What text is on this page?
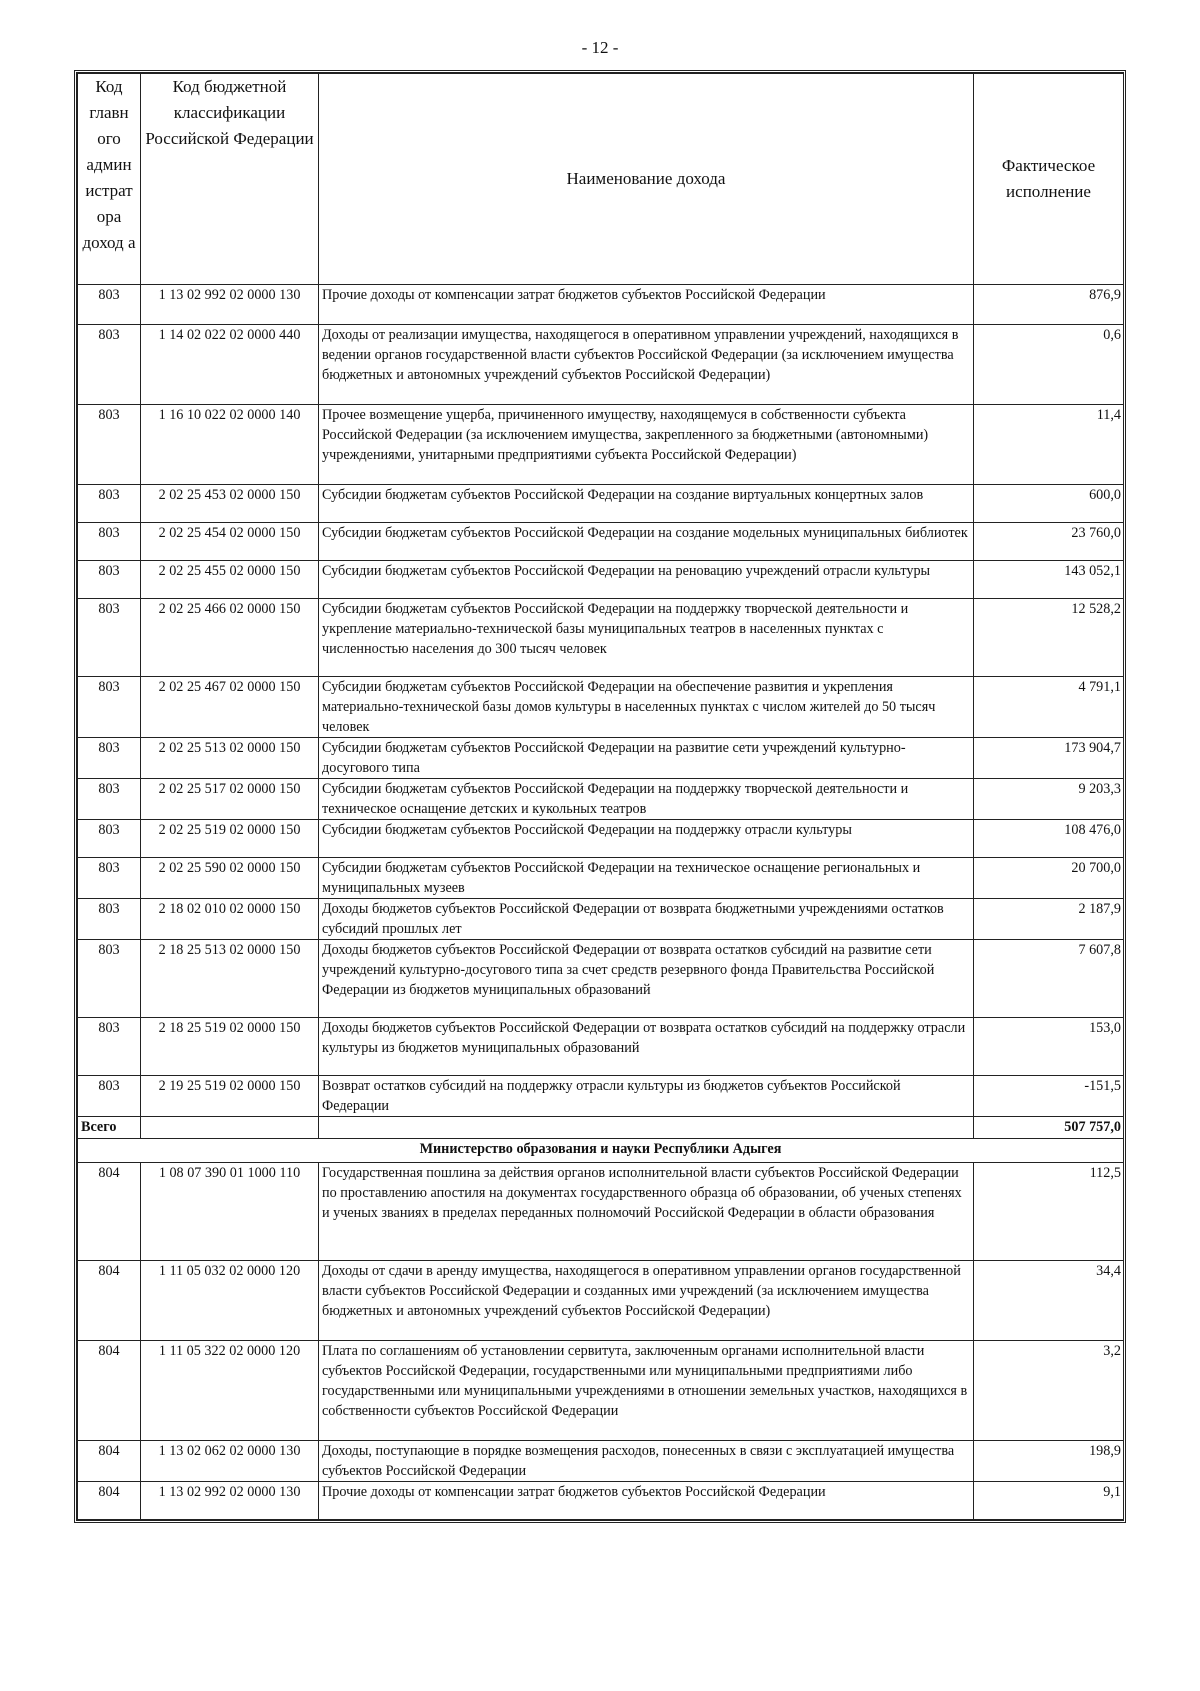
- 12 -
Код главн ого админ истрат ора доход а	Код бюджетной классификации Российской Федерации	Наименование дохода	Фактическое исполнение
803	1 13 02 992 02 0000 130	Прочие доходы от компенсации затрат бюджетов субъектов Российской Федерации	876,9
803	1 14 02 022 02 0000 440	Доходы от реализации имущества, находящегося в оперативном управлении учреждений, находящихся в ведении органов государственной власти субъектов Российской Федерации (за исключением имущества бюджетных и автономных учреждений субъектов Российской Федерации)	0,6
803	1 16 10 022 02 0000 140	Прочее возмещение ущерба, причиненного имуществу, находящемуся в собственности субъекта Российской Федерации (за исключением имущества, закрепленного за бюджетными (автономными) учреждениями, унитарными предприятиями субъекта Российской Федерации)	11,4
803	2 02 25 453 02 0000 150	Субсидии бюджетам субъектов Российской Федерации на создание виртуальных концертных залов	600,0
803	2 02 25 454 02 0000 150	Субсидии бюджетам субъектов Российской Федерации на создание модельных муниципальных библиотек	23 760,0
803	2 02 25 455 02 0000 150	Субсидии бюджетам субъектов Российской Федерации на реновацию учреждений отрасли культуры	143 052,1
803	2 02 25 466 02 0000 150	Субсидии бюджетам субъектов Российской Федерации на поддержку творческой деятельности и укрепление материально-технической базы муниципальных театров в населенных пунктах с численностью населения до 300 тысяч человек	12 528,2
803	2 02 25 467 02 0000 150	Субсидии бюджетам субъектов Российской Федерации на обеспечение развития и укрепления материально-технической базы домов культуры в населенных пунктах с числом жителей до 50 тысяч человек	4 791,1
803	2 02 25 513 02 0000 150	Субсидии бюджетам субъектов Российской Федерации на развитие сети учреждений культурно-досугового типа	173 904,7
803	2 02 25 517 02 0000 150	Субсидии бюджетам субъектов Российской Федерации на поддержку творческой деятельности и техническое оснащение детских и кукольных театров	9 203,3
803	2 02 25 519 02 0000 150	Субсидии бюджетам субъектов Российской Федерации на поддержку отрасли культуры	108 476,0
803	2 02 25 590 02 0000 150	Субсидии бюджетам субъектов Российской Федерации на техническое оснащение региональных и муниципальных музеев	20 700,0
803	2 18 02 010 02 0000 150	Доходы бюджетов субъектов Российской Федерации от возврата бюджетными учреждениями остатков субсидий прошлых лет	2 187,9
803	2 18 25 513 02 0000 150	Доходы бюджетов субъектов Российской Федерации от возврата остатков субсидий на развитие сети учреждений культурно-досугового типа за счет средств резервного фонда Правительства Российской Федерации из бюджетов муниципальных образований	7 607,8
803	2 18 25 519 02 0000 150	Доходы бюджетов субъектов Российской Федерации от возврата остатков субсидий на поддержку отрасли культуры из бюджетов муниципальных образований	153,0
803	2 19 25 519 02 0000 150	Возврат остатков субсидий на поддержку отрасли культуры из бюджетов субъектов Российской Федерации	-151,5
Всего			507 757,0
Министерство образования и науки Республики Адыгея			
804	1 08 07 390 01 1000 110	Государственная пошлина за действия органов исполнительной власти субъектов Российской Федерации по проставлению апостиля на документах государственного образца об образовании, об ученых степенях и ученых званиях в пределах переданных полномочий Российской Федерации в области образования	112,5
804	1 11 05 032 02 0000 120	Доходы от сдачи в аренду имущества, находящегося в оперативном управлении органов государственной власти субъектов Российской Федерации и созданных ими учреждений (за исключением имущества бюджетных и автономных учреждений субъектов Российской Федерации)	34,4
804	1 11 05 322 02 0000 120	Плата по соглашениям об установлении сервитута, заключенным органами исполнительной власти субъектов Российской Федерации, государственными или муниципальными предприятиями либо государственными или муниципальными учреждениями в отношении земельных участков, находящихся в собственности субъектов Российской Федерации	3,2
804	1 13 02 062 02 0000 130	Доходы, поступающие в порядке возмещения расходов, понесенных в связи с эксплуатацией имущества субъектов Российской Федерации	198,9
804	1 13 02 992 02 0000 130	Прочие доходы от компенсации затрат бюджетов субъектов Российской Федерации	9,1
